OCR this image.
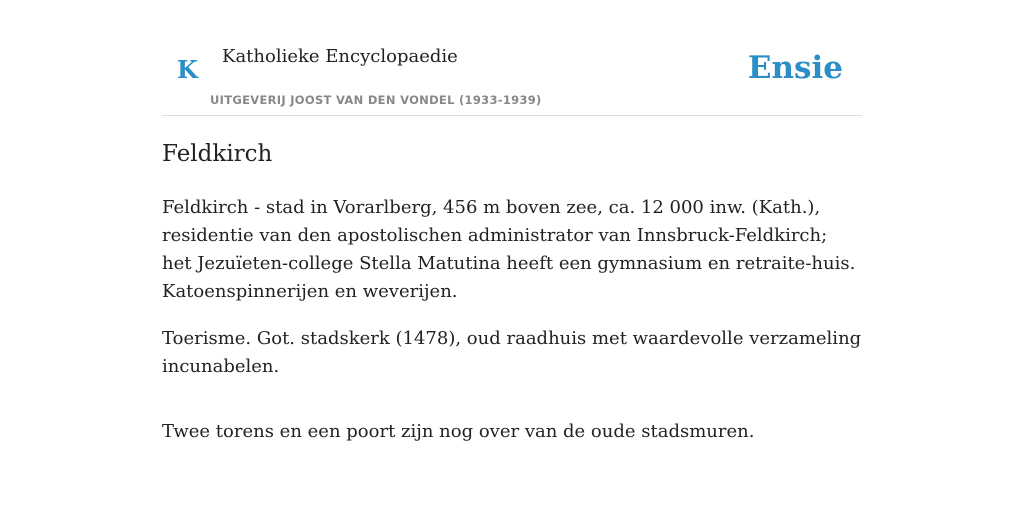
K Katholieke Encyclopaedie
UITGEVERIJ JOOST VAN DEN VONDEL (1933-1939)
Ensie
Feldkirch

Feldkirch - stad in Vorarlberg, 456 m boven zee, ca. 12 000 inw. (Kath.), residentie van den apostolischen administrator van Innsbruck-Feldkirch; het Jezuïeten-college Stella Matutina heeft een gymnasium en retraite-huis. Katoenspinnerijen en weverijen.

Toerisme. Got. stadskerk (1478), oud raadhuis met waardevolle verzameling incunabelen.

Twee torens en een poort zijn nog over van de oude stadsmuren.
